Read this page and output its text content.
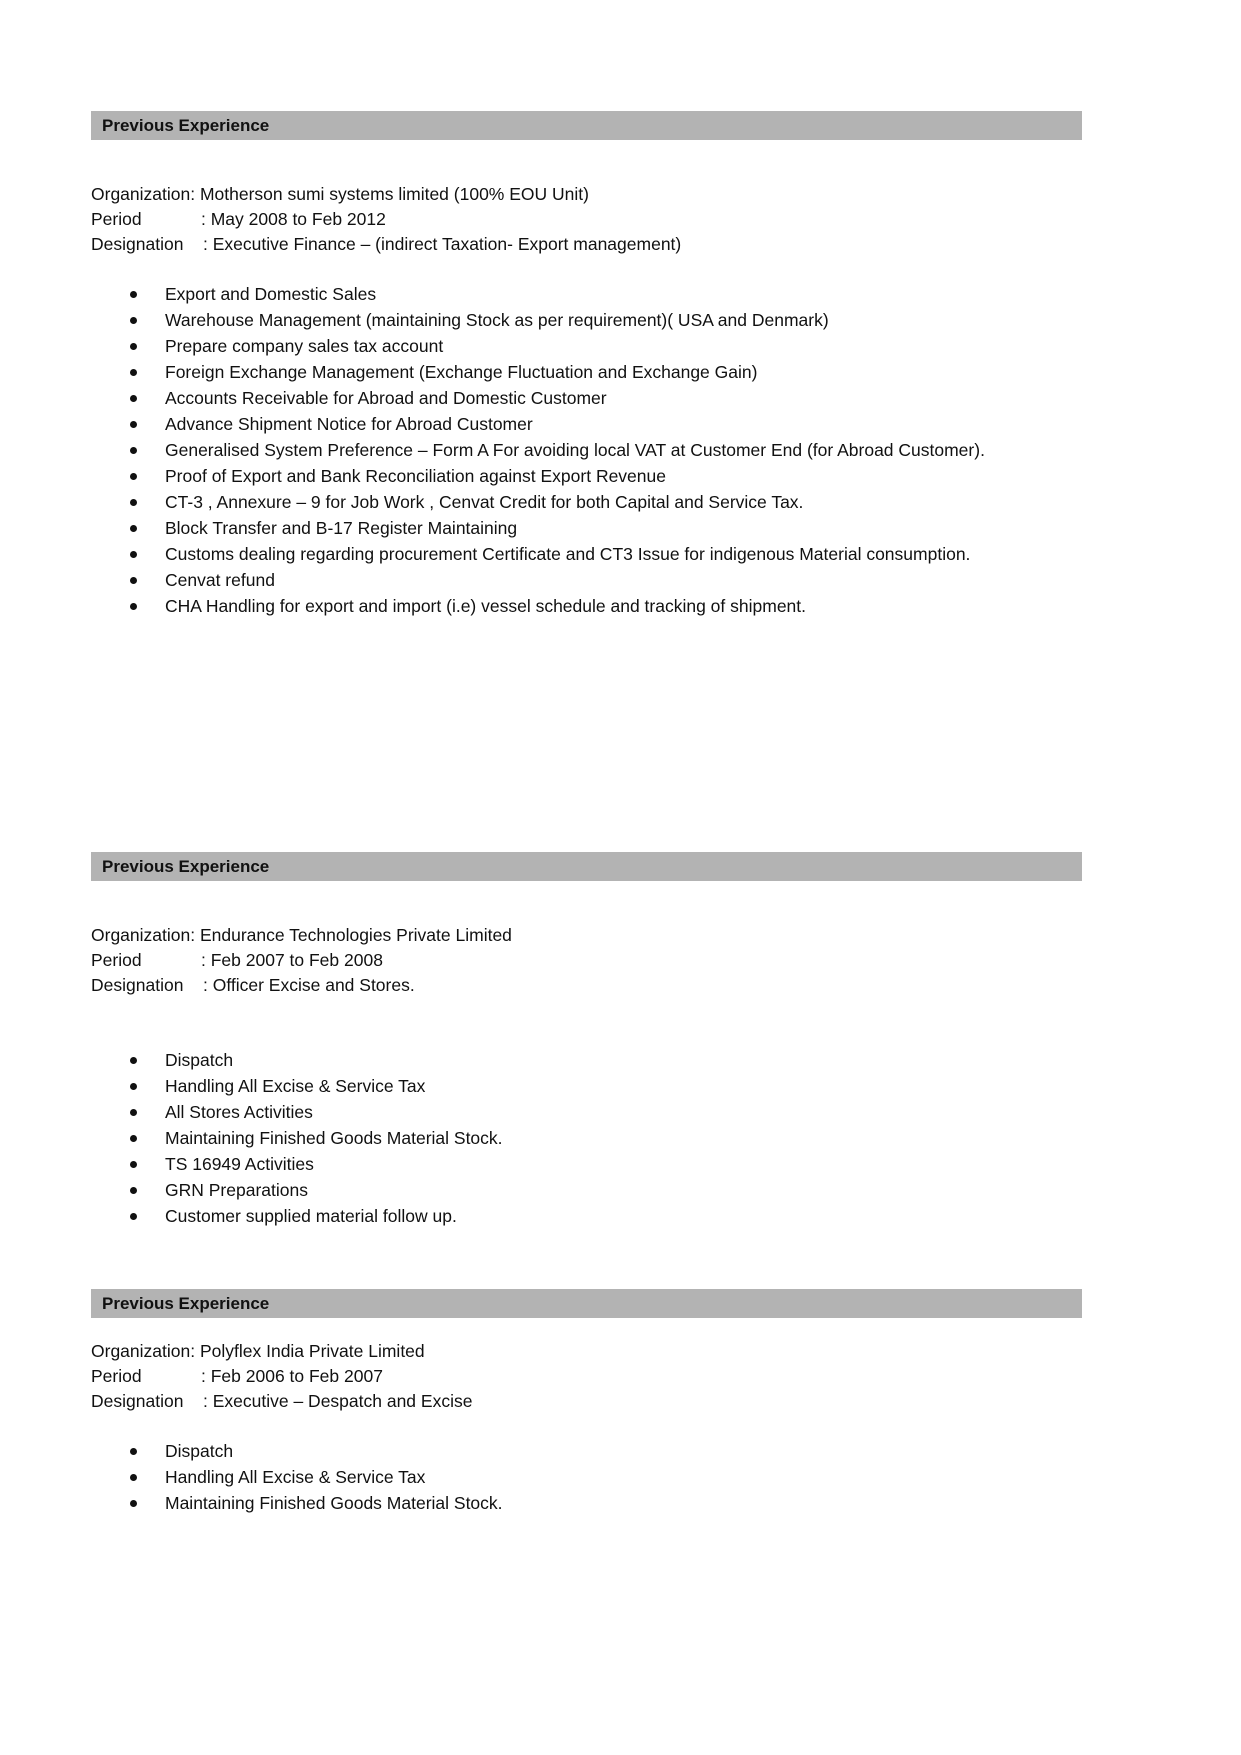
Previous Experience
Organization : Motherson sumi systems limited (100% EOU Unit)
Period	: May 2008 to Feb 2012
Designation	: Executive Finance – (indirect Taxation- Export management)
Export and Domestic Sales
Warehouse Management (maintaining Stock as per requirement)( USA and Denmark)
Prepare company sales tax account
Foreign Exchange Management (Exchange Fluctuation and Exchange Gain)
Accounts Receivable for Abroad and Domestic Customer
Advance Shipment Notice for Abroad Customer
Generalised System Preference – Form A For avoiding local VAT at Customer End (for Abroad Customer).
Proof of Export and Bank Reconciliation against Export Revenue
CT-3 , Annexure – 9 for Job Work , Cenvat Credit for both Capital and Service Tax.
Block Transfer and B-17 Register Maintaining
Customs dealing regarding procurement Certificate and CT3 Issue for indigenous Material consumption.
Cenvat refund
CHA Handling for export and import (i.e) vessel schedule and tracking of shipment.
Previous Experience
Organization : Endurance Technologies Private Limited
Period	: Feb 2007 to Feb 2008
Designation	: Officer Excise and Stores.
Dispatch
Handling All Excise & Service Tax
All Stores Activities
Maintaining Finished Goods Material Stock.
TS 16949 Activities
GRN Preparations
Customer supplied material follow up.
Previous Experience
Organization : Polyflex India Private Limited
Period	: Feb 2006 to Feb 2007
Designation	: Executive – Despatch and Excise
Dispatch
Handling All Excise & Service Tax
Maintaining Finished Goods Material Stock.
